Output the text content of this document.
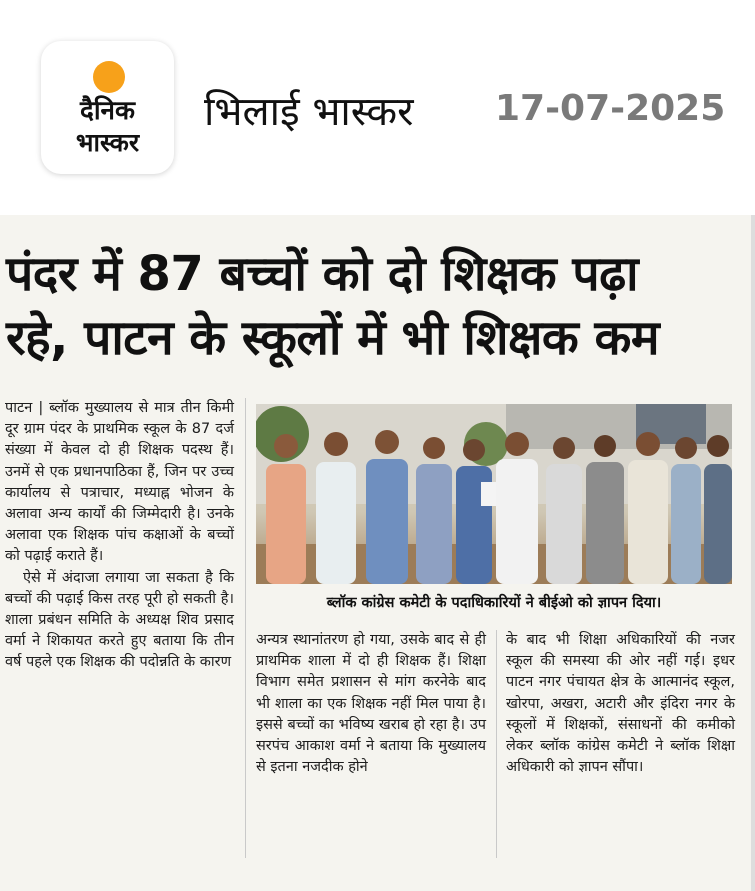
दैनिक
भास्कर
भिलाई भास्कर 17-07-2025
पंदर में 87 बच्चों को दो शिक्षक पढ़ा
रहे, पाटन के स्कूलों में भी शिक्षक कम

पाटन | ब्लॉक मुख्यालय से मात्र तीन किमी दूर ग्राम पंदर के प्राथमिक स्कूल के 87 दर्ज संख्या में केवल दो ही शिक्षक पदस्थ हैं। उनमें से एक प्रधानपाठिका हैं, जिन पर उच्च कार्यालय से पत्राचार, मध्याह्न भोजन के अलावा अन्य कार्यों की जिम्मेदारी है। उनके अलावा एक शिक्षक पांच कक्षाओं के बच्चों को पढ़ाई कराते हैं।

ऐसे में अंदाजा लगाया जा सकता है कि बच्चों की पढ़ाई किस तरह पूरी हो सकती है। शाला प्रबंधन समिति के अध्यक्ष शिव प्रसाद वर्मा ने शिकायत करते हुए बताया कि तीन वर्ष पहले एक शिक्षक की पदोन्नति के कारण

ब्लॉक कांग्रेस कमेटी के पदाधिकारियों ने बीईओ को ज्ञापन दिया।

अन्यत्र स्थानांतरण हो गया, उसके बाद से ही प्राथमिक शाला में दो ही शिक्षक हैं। शिक्षा विभाग समेत प्रशासन से मांग करनेके बाद भी शाला का एक शिक्षक नहीं मिल पाया है। इससे बच्चों का भविष्य खराब हो रहा है। उप सरपंच आकाश वर्मा ने बताया कि मुख्यालय से इतना नजदीक होने

के बाद भी शिक्षा अधिकारियों की नजर स्कूल की समस्या की ओर नहीं गई। इधर पाटन नगर पंचायत क्षेत्र के आत्मानंद स्कूल, खोरपा, अखरा, अटारी और इंदिरा नगर के स्कूलों में शिक्षकों, संसाधनों की कमीको लेकर ब्लॉक कांग्रेस कमेटी ने ब्लॉक शिक्षा अधिकारी को ज्ञापन सौंपा।
